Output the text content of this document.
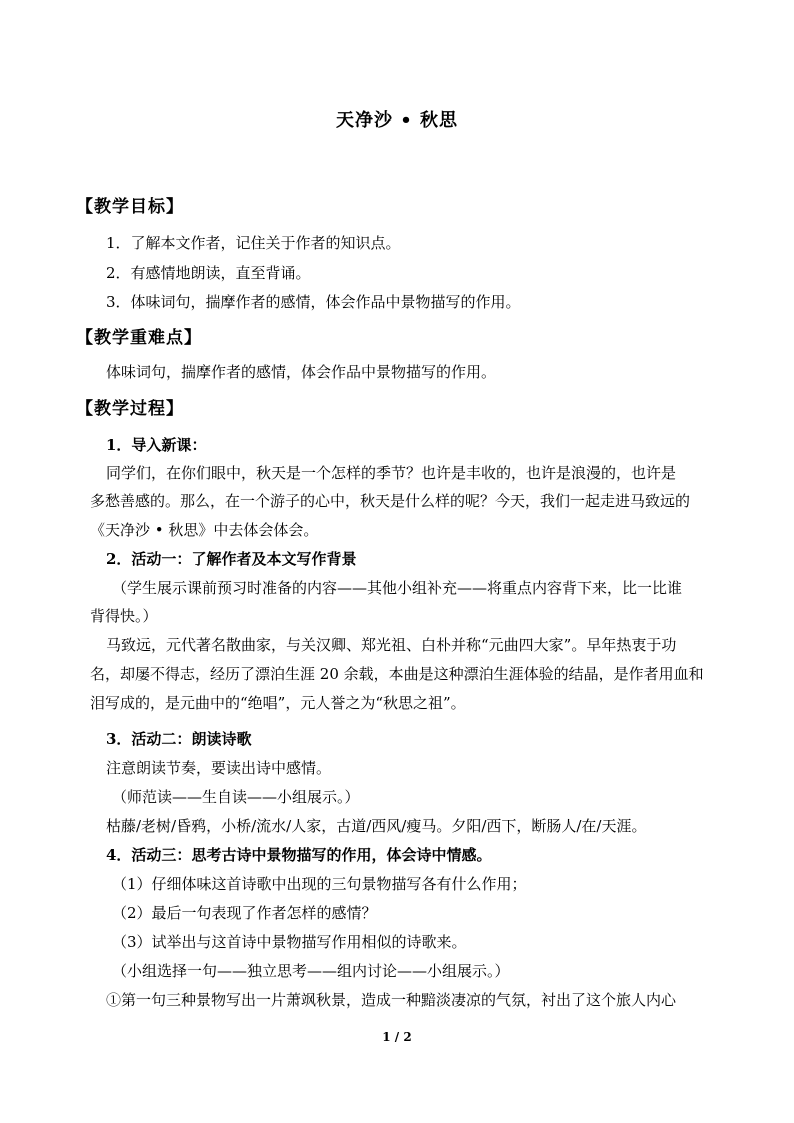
天净沙 • 秋思
【教学目标】
1．了解本文作者，记住关于作者的知识点。
2．有感情地朗读，直至背诵。
3．体味词句，揣摩作者的感情，体会作品中景物描写的作用。
【教学重难点】
体味词句，揣摩作者的感情，体会作品中景物描写的作用。
【教学过程】
1．导入新课：
同学们，在你们眼中，秋天是一个怎样的季节？也许是丰收的，也许是浪漫的，也许是
多愁善感的。那么，在一个游子的心中，秋天是什么样的呢？今天，我们一起走进马致远的
《天净沙 • 秋思》中去体会体会。
2．活动一：了解作者及本文写作背景
（学生展示课前预习时准备的内容——其他小组补充——将重点内容背下来，比一比谁
背得快。）
马致远，元代著名散曲家，与关汉卿、郑光祖、白朴并称“元曲四大家”。早年热衷于功
名，却屡不得志，经历了漂泊生涯 20 余载，本曲是这种漂泊生涯体验的结晶，是作者用血和
泪写成的，是元曲中的“绝唱”，元人誉之为“秋思之祖”。
3．活动二：朗读诗歌
注意朗读节奏，要读出诗中感情。
（师范读——生自读——小组展示。）
枯藤/老树/昏鸦，小桥/流水/人家，古道/西风/瘦马。夕阳/西下，断肠人/在/天涯。
4．活动三：思考古诗中景物描写的作用，体会诗中情感。
（1）仔细体味这首诗歌中出现的三句景物描写各有什么作用；
（2）最后一句表现了作者怎样的感情？
（3）试举出与这首诗中景物描写作用相似的诗歌来。
（小组选择一句——独立思考——组内讨论——小组展示。）
①第一句三种景物写出一片萧飒秋景，造成一种黯淡凄凉的气氛，衬出了这个旅人内心
1 / 2
